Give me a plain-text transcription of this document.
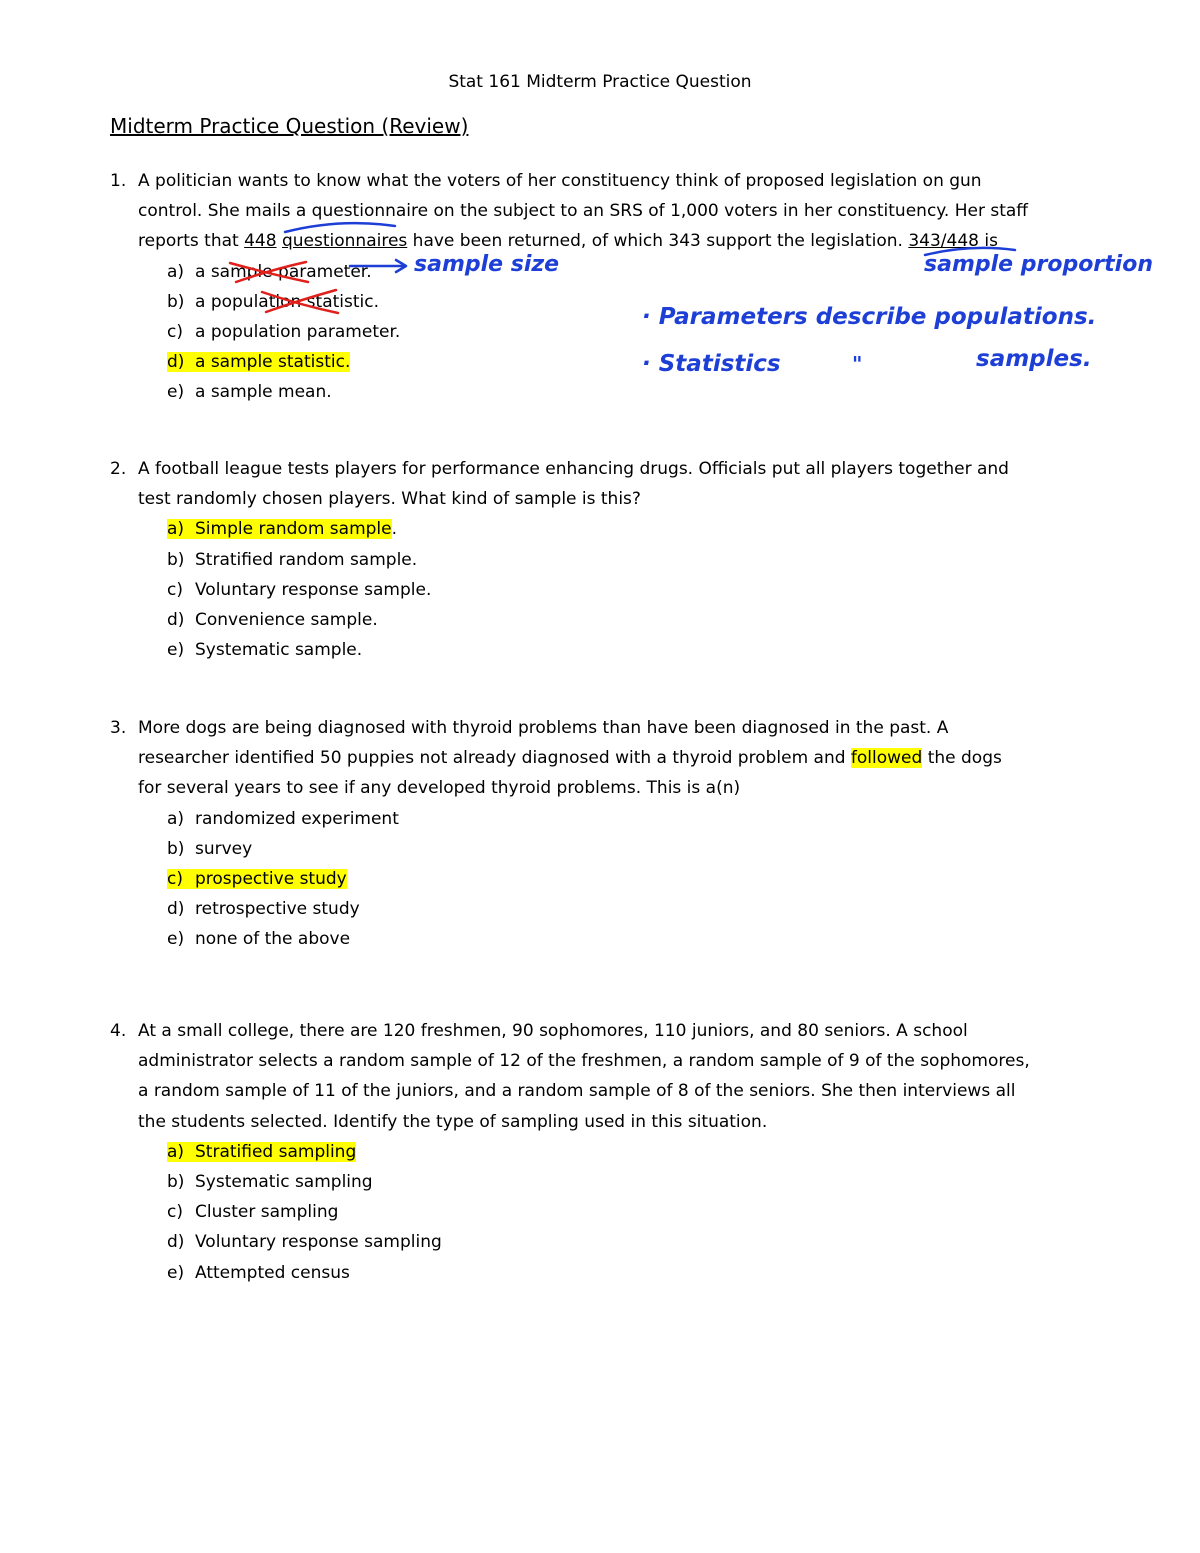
Stat 161 Midterm Practice Question
Midterm Practice Question (Review)
1. A politician wants to know what the voters of her constituency think of proposed legislation on gun
control. She mails a questionnaire on the subject to an SRS of 1,000 voters in her constituency. Her staff
reports that 448 questionnaires have been returned, of which 343 support the legislation. 343/448 is
a) a sample parameter.
b) a population statistic.
c) a population parameter.
d) a sample statistic.
e) a sample mean.
2. A football league tests players for performance enhancing drugs. Officials put all players together and
test randomly chosen players. What kind of sample is this?
a) Simple random sample.
b) Stratified random sample.
c) Voluntary response sample.
d) Convenience sample.
e) Systematic sample.
3. More dogs are being diagnosed with thyroid problems than have been diagnosed in the past. A
researcher identified 50 puppies not already diagnosed with a thyroid problem and followed the dogs
for several years to see if any developed thyroid problems. This is a(n)
a) randomized experiment
b) survey
c) prospective study
d) retrospective study
e) none of the above
4. At a small college, there are 120 freshmen, 90 sophomores, 110 juniors, and 80 seniors. A school
administrator selects a random sample of 12 of the freshmen, a random sample of 9 of the sophomores,
a random sample of 11 of the juniors, and a random sample of 8 of the seniors. She then interviews all
the students selected. Identify the type of sampling used in this situation.
a) Stratified sampling
b) Systematic sampling
c) Cluster sampling
d) Voluntary response sampling
e) Attempted census
sample size	sample proportion
· Parameters describe populations.
· Statistics	"	samples.
